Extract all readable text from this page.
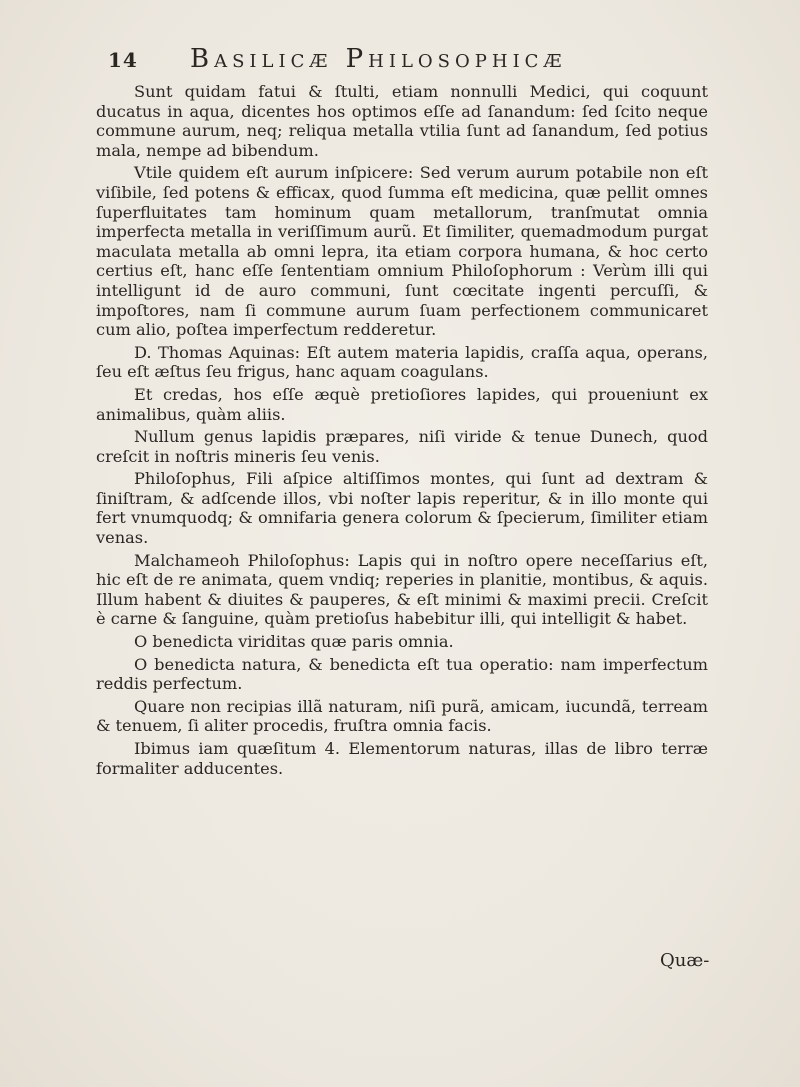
14 Basilicæ Philosophicæ

Sunt quidam fatui & ſtulti, etiam nonnulli Medici, qui coquunt ducatus in aqua, dicentes hos optimos eſſe ad ſanandum: ſed ſcito neque commune aurum, neq; reliqua metalla vtilia ſunt ad ſanandum, ſed potius mala, nempe ad bibendum.

Vtile quidem eſt aurum inſpicere: Sed verum aurum potabile non eſt viſibile, ſed potens & efficax, quod ſumma eſt medicina, quæ pellit omnes ſuperfluitates tam hominum quam metallorum, tranſmutat omnia imperfecta metalla in veriſſimum aurũ. Et ſimiliter, quemadmodum purgat maculata metalla ab omni lepra, ita etiam corpora humana, & hoc certo certius eſt, hanc eſſe ſententiam omnium Philoſophorum : Verùm illi qui intelligunt id de auro communi, ſunt cœcitate ingenti percuſſi, & impoſtores, nam ſi commune aurum ſuam perfectionem communicaret cum alio, poſtea imperfectum redderetur.

D. Thomas Aquinas: Eſt autem materia lapidis, craſſa aqua, operans, ſeu eſt æſtus ſeu frigus, hanc aquam coagulans.

Et credas, hos eſſe æquè pretioſiores lapides, qui proueniunt ex animalibus, quàm aliis.

Nullum genus lapidis præpares, niſi viride & tenue Dunech, quod creſcit in noſtris mineris ſeu venis.

Philoſophus, Fili aſpice altiſſimos montes, qui ſunt ad dextram & ſiniſtram, & adſcende illos, vbi noſter lapis reperitur, & in illo monte qui fert vnumquodq; & omnifaria genera colorum & ſpecierum, ſimiliter etiam venas.

Malchameoh Philoſophus: Lapis qui in noſtro opere neceſſarius eſt, hic eſt de re animata, quem vndiq; reperies in planitie, montibus, & aquis. Illum habent & diuites & pauperes, & eſt minimi & maximi precii. Creſcit è carne & ſanguine, quàm pretioſus habebitur illi, qui intelligit & habet.

O benedicta viriditas quæ paris omnia.

O benedicta natura, & benedicta eſt tua operatio: nam imperfectum reddis perfectum.

Quare non recipias illã naturam, niſi purã, amicam, iucundã, terream & tenuem, ſi aliter procedis, fruſtra omnia facis.

Ibimus iam quæſitum 4. Elementorum naturas, illas de libro terræ formaliter adducentes.

Quæ-
